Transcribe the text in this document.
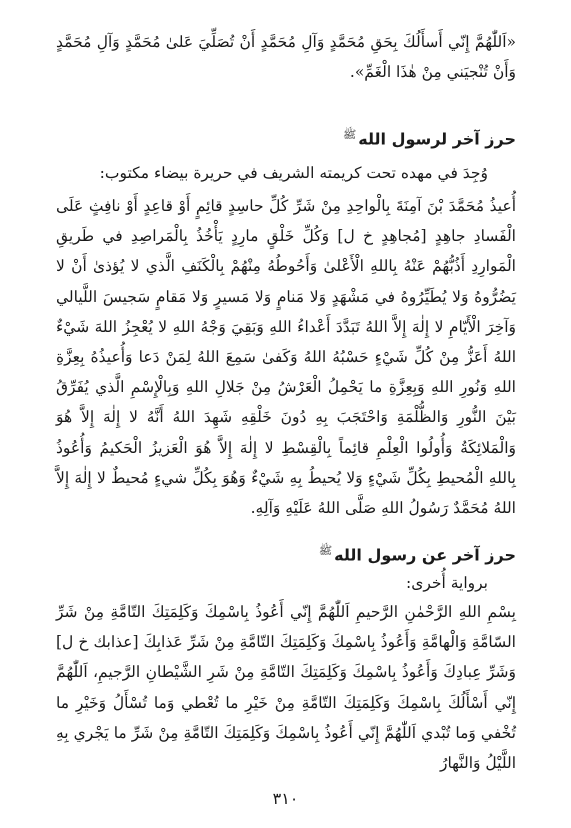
«اَللّٰهُمَّ إِنّي أَسأَلُكَ بِحَقِ مُحَمَّدٍ وَآلِ مُحَمَّدٍ أَنْ تُصَلِّيَ عَلىٰ مُحَمَّدٍ وَآلِ مُحَمَّدٍ وَأَنْ تُنْجيَني مِنْ هٰذَا الْغَمِّ».

حرز آخر لرسول الله$^ﷺ$

وُجِدَ في مهده تحت كريمته الشريف في حريرة بيضاء مكتوب:

أُعيذُ مُحَمَّدَ بْنَ آمِنَةَ بِالْواحِدِ مِنْ شَرِّ كُلِّ حاسِدٍ قائِمٍ أَوْ قاعِدٍ أَوْ نافِثٍ عَلَى الْفَسادِ جاهِدٍ [مُجاهِدٍ خ ل] وَكُلِّ خَلْقٍ مارِدٍ يَأْخُذُ بِالْمَراصِدِ في طَريقِ الْمَوارِدِ أَذُبُّهُمْ عَنْهُ بِاللهِ الْأَعْلىٰ وَأَحُوطُهُ مِنْهُمْ بِالْكَنَفِ الَّذي لا يُؤذىٰ أَنْ لا يَضُرُّوهُ وَلا يُطَيِّرُوهُ في مَشْهَدٍ وَلا مَنامٍ وَلا مَسيرٍ وَلا مَقامٍ سَجيسَ اللَّيالي وَآخِرَ الْأَيّامِ لا إِلٰهَ إِلاَّ اللهُ تَبَدَّدَ أَعْداءُ اللهِ وَبَقِيَ وَجْهُ اللهِ لا يُعْجِزُ اللهَ شَيْءٌ اللهُ أَعَزُّ مِنْ كُلِّ شَيْءٍ حَسْبُهُ اللهُ وَكَفىٰ سَمِعَ اللهُ لِمَنْ دَعا وَأُعيذُهُ بِعِزَّةِ اللهِ وَنُورِ اللهِ وَبِعِزَّةِ ما يَحْمِلُ الْعَرْشُ مِنْ جَلالِ اللهِ وَبِالْإِسْمِ الَّذي يُفَرِّقُ بَيْنَ النُّورِ وَالظُّلْمَةِ وَاحْتَجَبَ بِهِ دُونَ خَلْقِهِ شَهِدَ اللهُ أَنَّهُ لا إِلٰهَ إِلاَّ هُوَ وَالْمَلائِكَةُ وَأُولُوا الْعِلْمِ قائِماً بِالْقِسْطِ لا إِلٰهَ إِلاَّ هُوَ الْعَزيزُ الْحَكيمُ وَأُعُوذُ بِاللهِ الْمُحيطِ بِكُلِّ شَيْءٍ وَلا يُحيطُ بِهِ شَيْءٌ وَهُوَ بِكُلِّ شيءٍ مُحيطٌ لا إِلٰهَ إِلاَّ اللهُ مُحَمَّدٌ رَسُولُ اللهِ صَلَّى اللهُ عَلَيْهِ وَآلِهِ.

حرز آخر عن رسول الله$^ﷺ$

برواية أُخرى:

بِسْمِ اللهِ الرَّحْمٰنِ الرَّحيمِ اَللّٰهُمَّ إِنّي أَعُوذُ بِاسْمِكَ وَكَلِمَتِكَ التّامَّةِ مِنْ شَرِّ السّامَّةِ وَالْهامَّةِ وَأَعُوذُ بِاسْمِكَ وَكَلِمَتِكَ التّامَّةِ مِنْ شَرِّ عَذابِكَ [عذابك خ ل] وَشَرِّ عِبادِكَ وَأَعُوذُ بِاسْمِكَ وَكَلِمَتِكَ التّامَّةِ مِنْ شَرِ الشَّيْطانِ الرَّجيمِ، اَللّٰهُمَّ إِنّي أَسْأَلُكَ بِاسْمِكَ وَكَلِمَتِكَ التّامَّةِ مِنْ خَيْرِ ما تُعْطي وَما تُسْأَلُ وَخَيْرِ ما تُخْفي وَما تُبْدي اَللّٰهُمَّ إِنّي أَعُوذُ بِاسْمِكَ وَكَلِمَتِكَ التّامَّةِ مِنْ شَرِّ ما يَجْري بِهِ اللَّيْلُ وَالنَّهارُ

٣١٠
